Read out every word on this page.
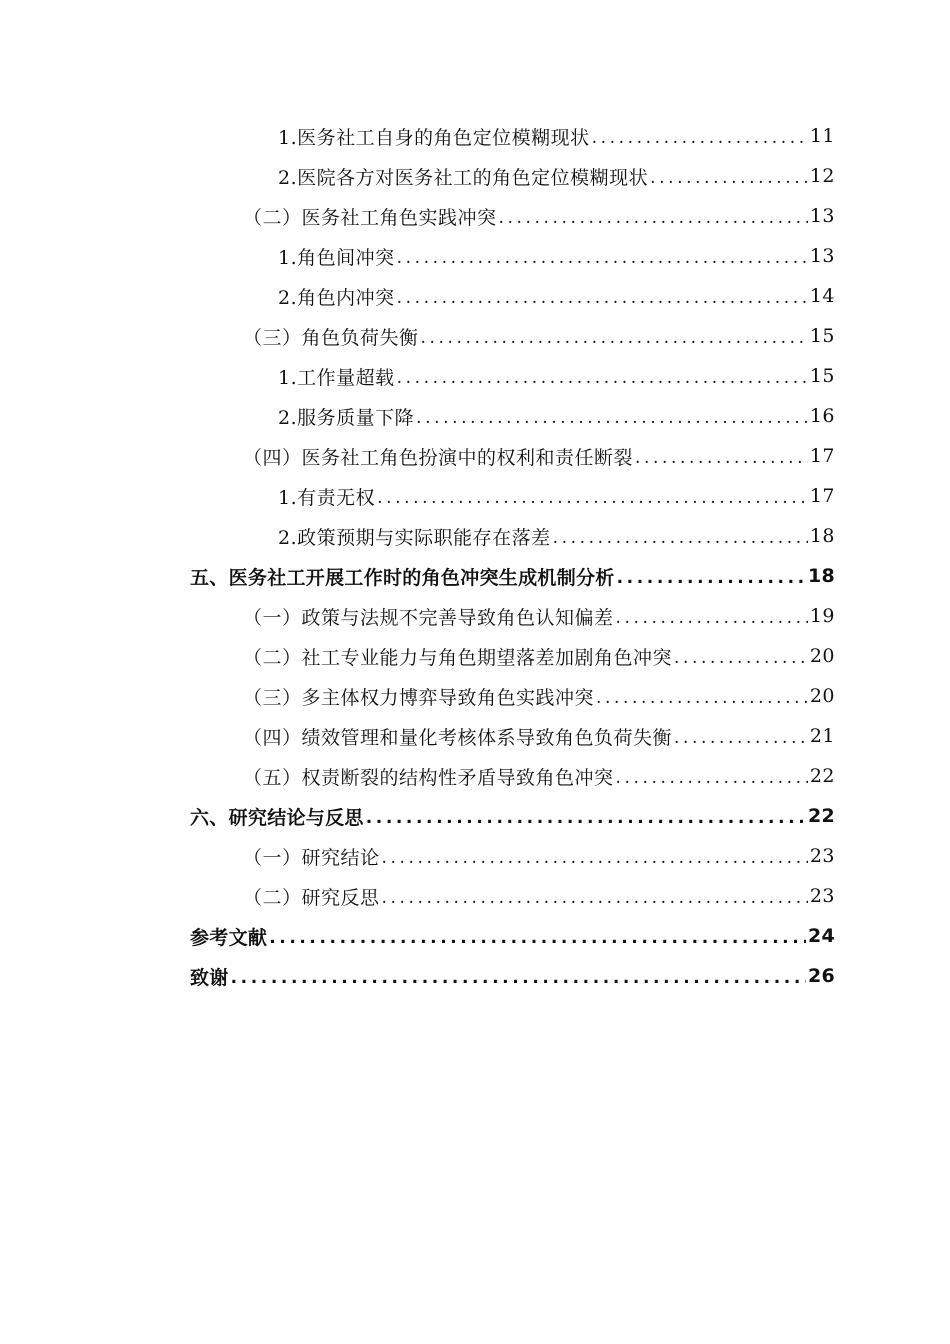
1.医务社工自身的角色定位模糊现状 .....	11
2.医院各方对医务社工的角色定位模糊现状 .....	12
（二）医务社工角色实践冲突 .....	13
1.角色间冲突 .....	13
2.角色内冲突 .....	14
（三）角色负荷失衡 .....	15
1.工作量超载 .....	15
2.服务质量下降 .....	16
（四）医务社工角色扮演中的权利和责任断裂 .....	17
1.有责无权 .....	17
2.政策预期与实际职能存在落差 .....	18
五、医务社工开展工作时的角色冲突生成机制分析 .....	18
（一）政策与法规不完善导致角色认知偏差 .....	19
（二）社工专业能力与角色期望落差加剧角色冲突 .....	20
（三）多主体权力博弈导致角色实践冲突 .....	20
（四）绩效管理和量化考核体系导致角色负荷失衡 .....	21
（五）权责断裂的结构性矛盾导致角色冲突 .....	22
六、研究结论与反思 .....	22
（一）研究结论 .....	23
（二）研究反思 .....	23
参考文献 .....	24
致谢 .....	26
